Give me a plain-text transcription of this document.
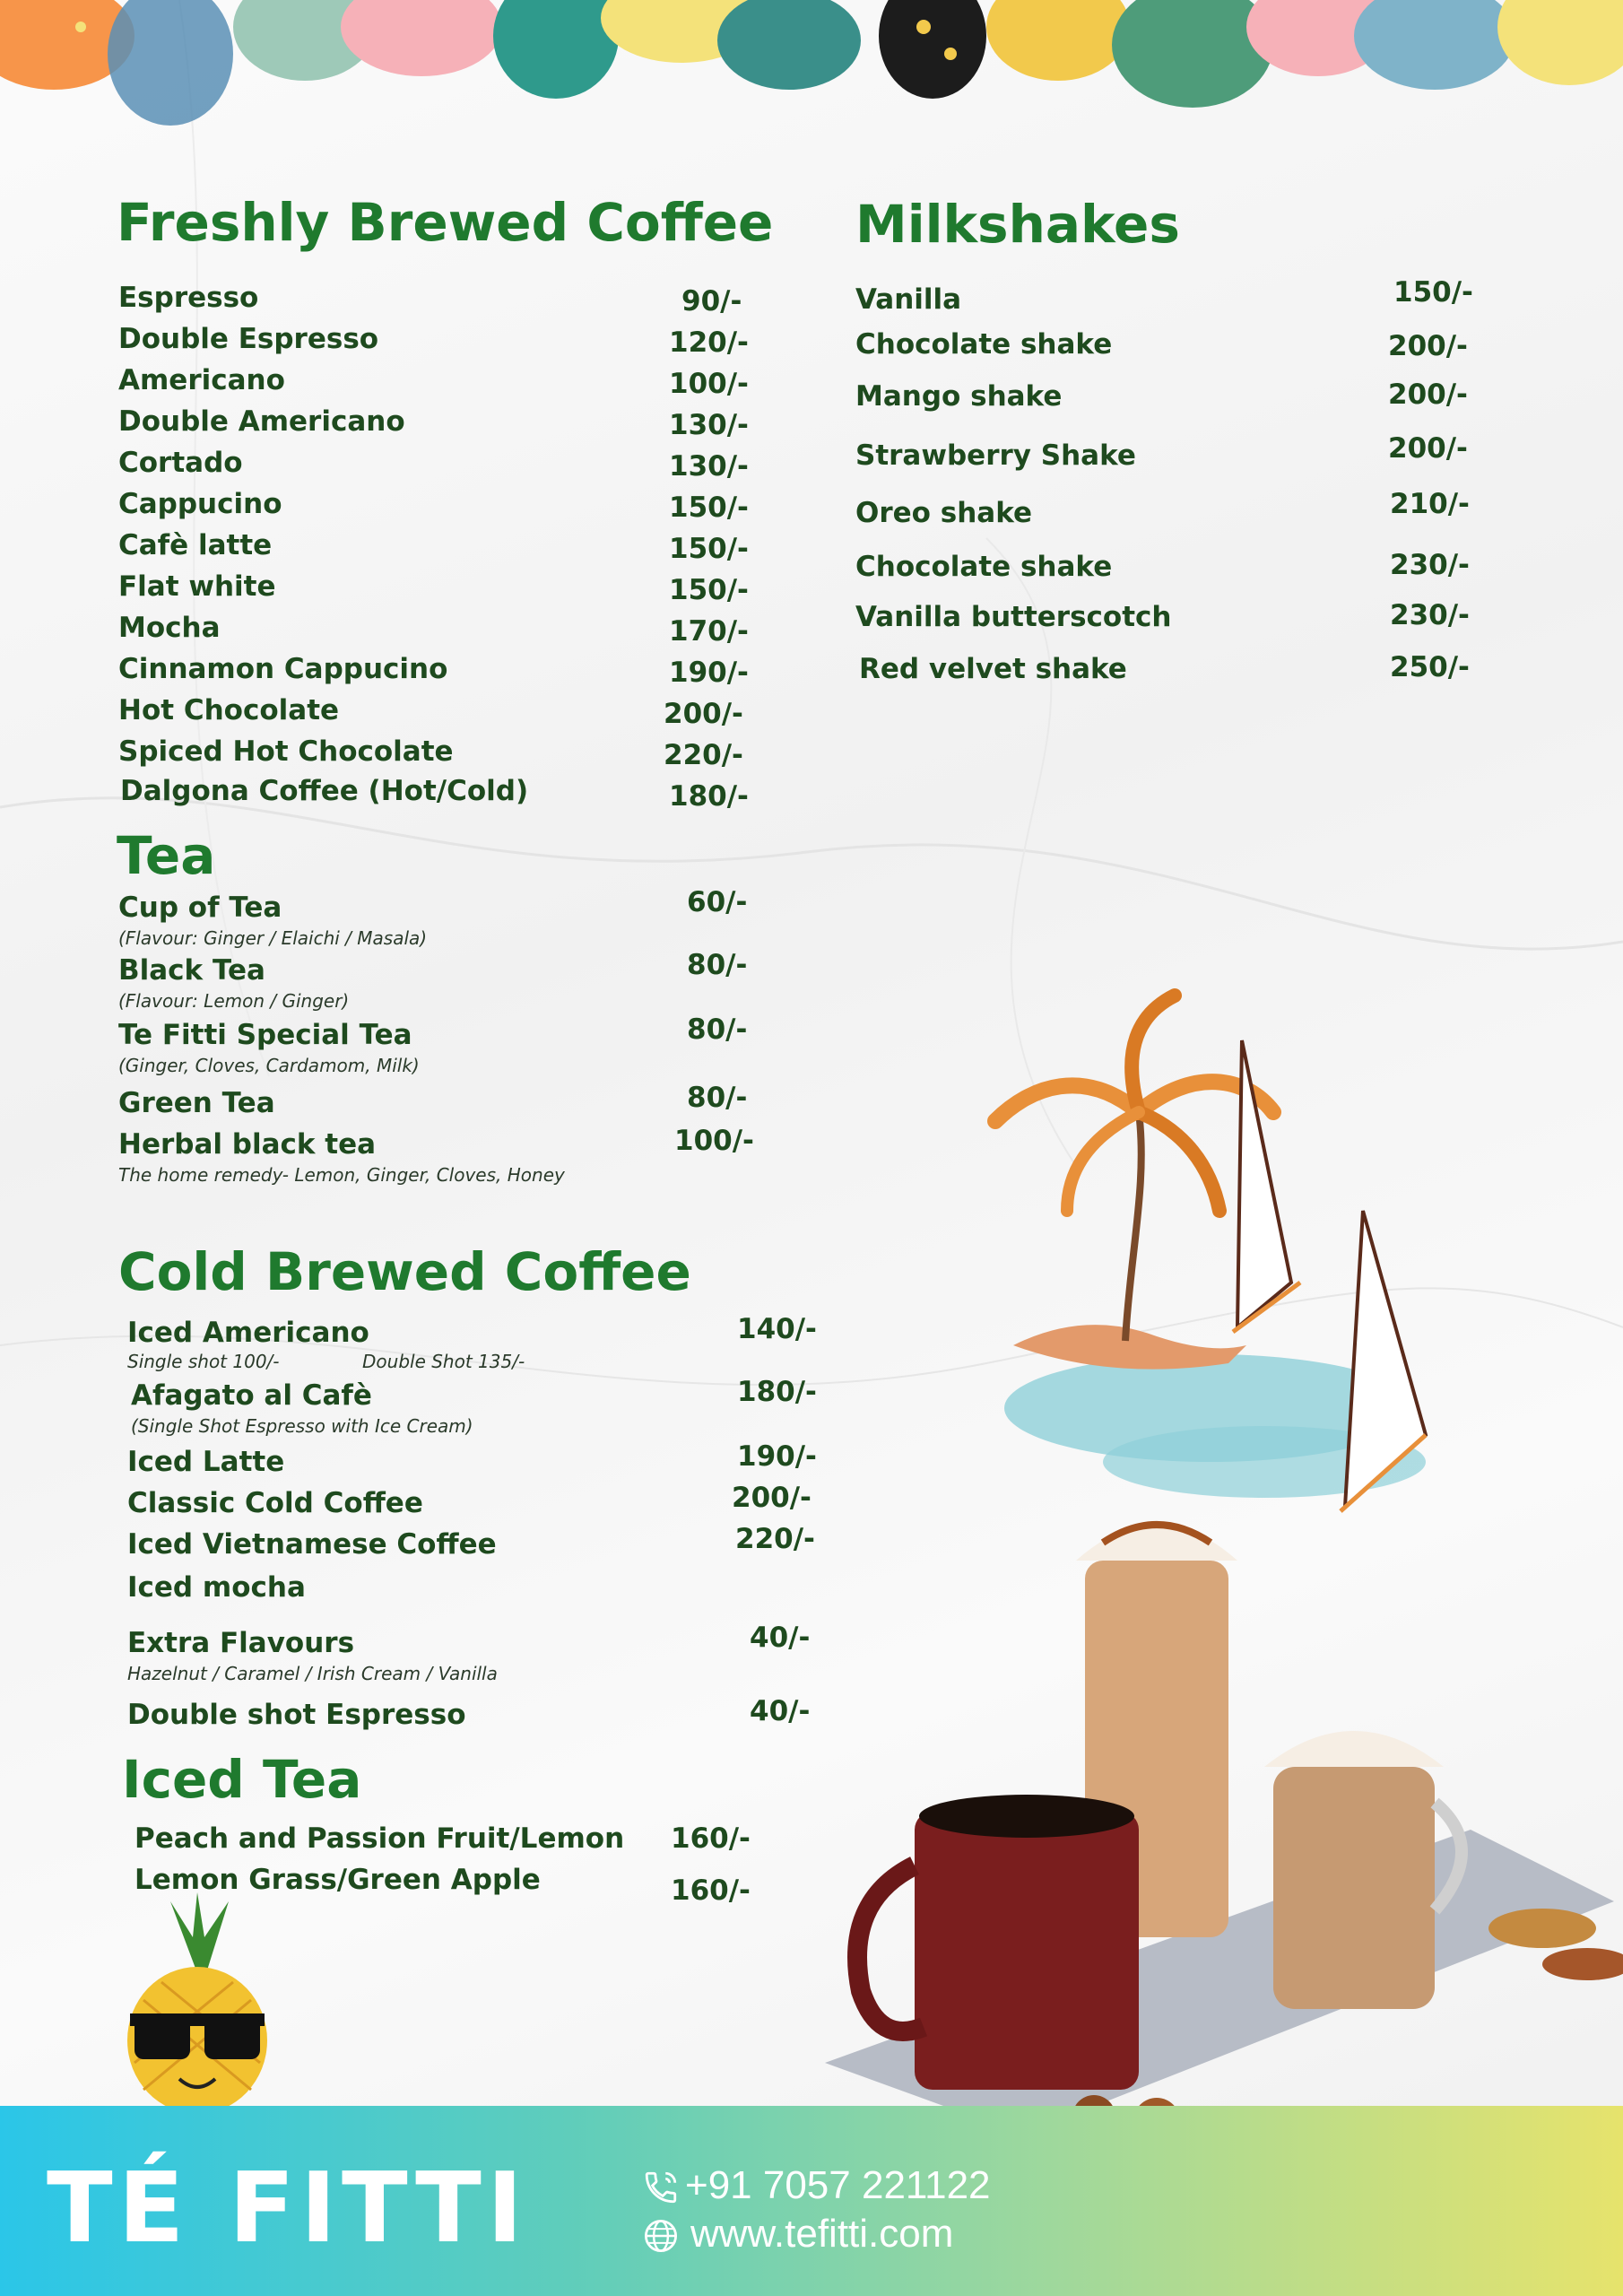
Freshly Brewed Coffee
Espresso	90/-
Double Espresso	120/-
Americano	100/-
Double Americano	130/-
Cortado	130/-
Cappucino	150/-
Cafè latte	150/-
Flat white	150/-
Mocha	170/-
Cinnamon Cappucino	190/-
Hot Chocolate	200/-
Spiced Hot Chocolate	220/-
Dalgona Coffee (Hot/Cold)	180/-
Milkshakes
Vanilla	150/-
Chocolate shake	200/-
Mango shake	200/-
Strawberry Shake	200/-
Oreo shake	210/-
Chocolate shake	230/-
Vanilla butterscotch	230/-
Red velvet shake	250/-
Tea
Cup of Tea
(Flavour: Ginger / Elaichi / Masala)
60/-
Black Tea
(Flavour: Lemon / Ginger)
80/-
Te Fitti Special Tea
(Ginger, Cloves, Cardamom, Milk)
80/-
Green Tea	80/-
Herbal black tea
The home remedy- Lemon, Ginger, Cloves, Honey
100/-
Cold Brewed Coffee
Iced Americano
Single shot 100/-	Double Shot 135/-
140/-
Afagato al Cafè
(Single Shot Espresso with Ice Cream)
180/-
Iced Latte	190/-
Classic Cold Coffee	200/-
Iced Vietnamese Coffee	220/-
Iced mocha
Extra Flavours
Hazelnut / Caramel / Irish Cream / Vanilla
40/-
Double shot Espresso	40/-
Iced Tea
Peach and Passion Fruit/Lemon 160/-
Lemon Grass/Green Apple	160/-
TÉ FITTI	+91 7057 221122
www.tefitti.com
